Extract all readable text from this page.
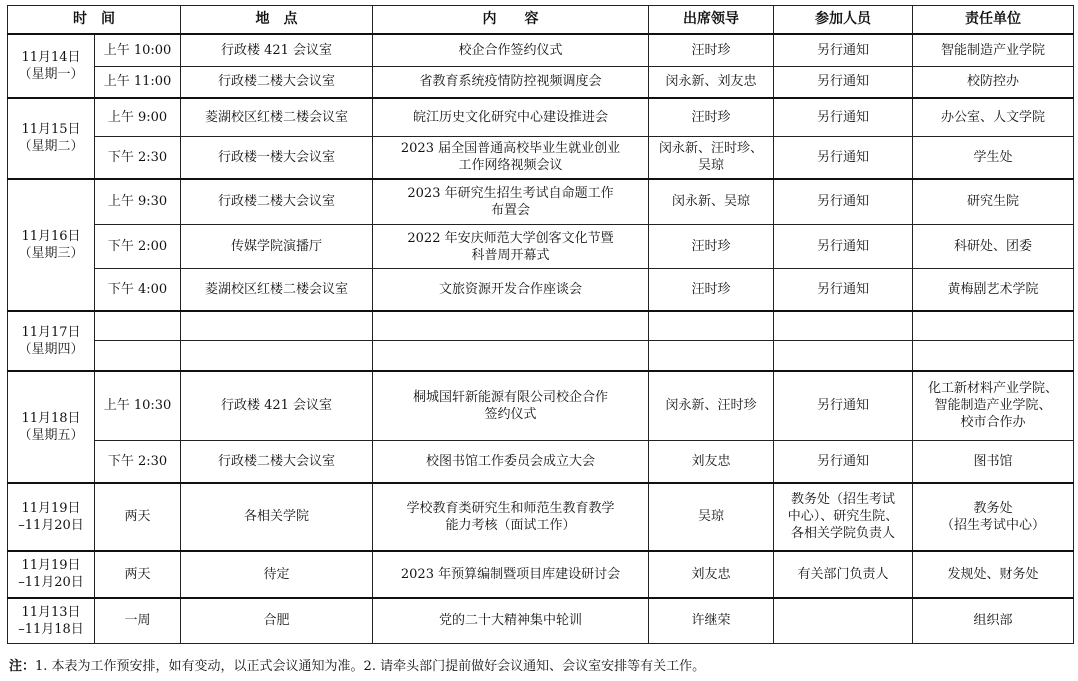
时　间		地　点	内　　容	出席领导	参加人员	责任单位
11月14日
（星期一）	上午 10:00	行政楼 421 会议室	校企合作签约仪式	汪时珍	另行通知	智能制造产业学院
	上午 11:00	行政楼二楼大会议室	省教育系统疫情防控视频调度会	闵永新、刘友忠	另行通知	校防控办
11月15日
（星期二）	上午 9:00	菱湖校区红楼二楼会议室	皖江历史文化研究中心建设推进会	汪时珍	另行通知	办公室、人文学院
	下午 2:30	行政楼一楼大会议室	2023 届全国普通高校毕业生就业创业
工作网络视频会议	闵永新、汪时珍、
吴琼	另行通知	学生处
11月16日
（星期三）	上午 9:30	行政楼二楼大会议室	2023 年研究生招生考试自命题工作
布置会	闵永新、吴琼	另行通知	研究生院
	下午 2:00	传媒学院演播厅	2022 年安庆师范大学创客文化节暨
科普周开幕式	汪时珍	另行通知	科研处、团委
	下午 4:00	菱湖校区红楼二楼会议室	文旅资源开发合作座谈会	汪时珍	另行通知	黄梅剧艺术学院
11月17日
（星期四）						

11月18日
（星期五）	上午 10:30	行政楼 421 会议室	桐城国轩新能源有限公司校企合作
签约仪式	闵永新、汪时珍	另行通知	化工新材料产业学院、
智能制造产业学院、
校市合作办
	下午 2:30	行政楼二楼大会议室	校图书馆工作委员会成立大会	刘友忠	另行通知	图书馆
11月19日
–11月20日	两天	各相关学院	学校教育类研究生和师范生教育教学
能力考核（面试工作）	吴琼	教务处（招生考试
中心）、研究生院、
各相关学院负责人	教务处
（招生考试中心）
11月19日
–11月20日	两天	待定	2023 年预算编制暨项目库建设研讨会	刘友忠	有关部门负责人	发规处、财务处
11月13日
–11月18日	一周	合肥	党的二十大精神集中轮训	许继荣		组织部
注：1. 本表为工作预安排，如有变动，以正式会议通知为准。2. 请牵头部门提前做好会议通知、会议室安排等有关工作。
